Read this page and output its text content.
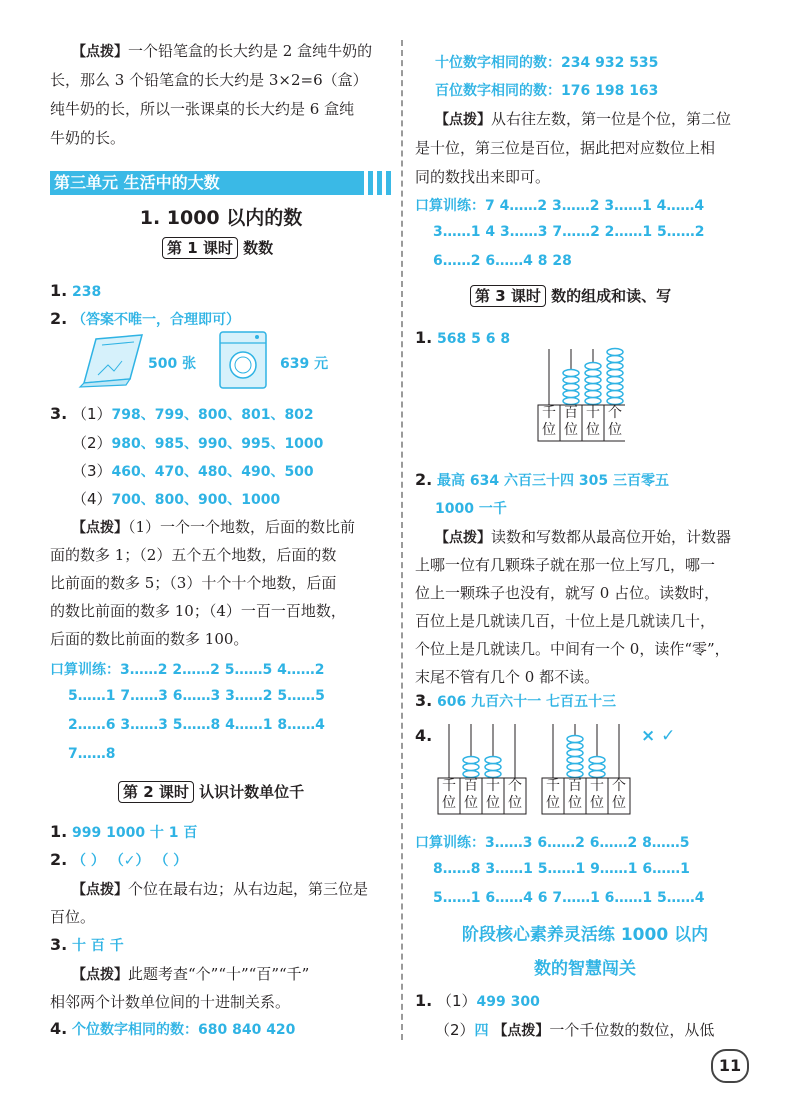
【点拨】一个铅笔盒的长大约是 2 盒纯牛奶的
长，那么 3 个铅笔盒的长大约是 3×2=6（盒）
纯牛奶的长，所以一张课桌的长大约是 6 盒纯
牛奶的长。
第三单元 生活中的大数
1. 1000 以内的数
第 1 课时 数数
1. 238
2. （答案不唯一，合理即可）
500 张	639 元
3. （1）798、799、800、801、802
（2）980、985、990、995、1000
（3）460、470、480、490、500
（4）700、800、900、1000
【点拨】（1）一个一个地数，后面的数比前
面的数多 1；（2）五个五个地数，后面的数
比前面的数多 5；（3）十个十个地数，后面
的数比前面的数多 10；（4）一百一百地数，
后面的数比前面的数多 100。
口算训练：3……2 2……2 5……5 4……2
5……1 7……3 6……3 3……2 5……5
2……6 3……3 5……8 4……1 8……4
7……8
第 2 课时 认识计数单位千
1. 999 1000 十 1 百
2. （ ） （✓） （ ）
【点拨】个位在最右边；从右边起，第三位是
百位。
3. 十 百 千
【点拨】此题考查“个”“十”“百”“千”
相邻两个计数单位间的十进制关系。
4. 个位数字相同的数：680 840 420
十位数字相同的数：234 932 535
百位数字相同的数：176 198 163
【点拨】从右往左数，第一位是个位，第二位
是十位，第三位是百位，据此把对应数位上相
同的数找出来即可。
口算训练：7 4……2 3……2 3……1 4……4
3……1 4 3……3 7……2 2……1 5……2
6……2 6……4 8 28
第 3 课时 数的组成和读、写
1. 568 5 6 8
千位
百位
十位
个位
2. 最高 634 六百三十四 305 三百零五
1000 一千
【点拨】读数和写数都从最高位开始，计数器
上哪一位有几颗珠子就在那一位上写几，哪一
位上一颗珠子也没有，就写 0 占位。读数时，
百位上是几就读几百，十位上是几就读几十，
个位上是几就读几。中间有一个 0，读作“零”，
末尾不管有几个 0 都不读。
3. 606 九百六十一 七百五十三
4.
千位
百位
十位
个位
千位
百位
十位
个位
× ✓
口算训练：3……3 6……2 6……2 8……5
8……8 3……1 5……1 9……1 6……1
5……1 6……4 6 7……1 6……1 5……4
阶段核心素养灵活练 1000 以内
数的智慧闯关
1. （1）499 300
（2）四 【点拨】一个千位数的数位，从低
11
